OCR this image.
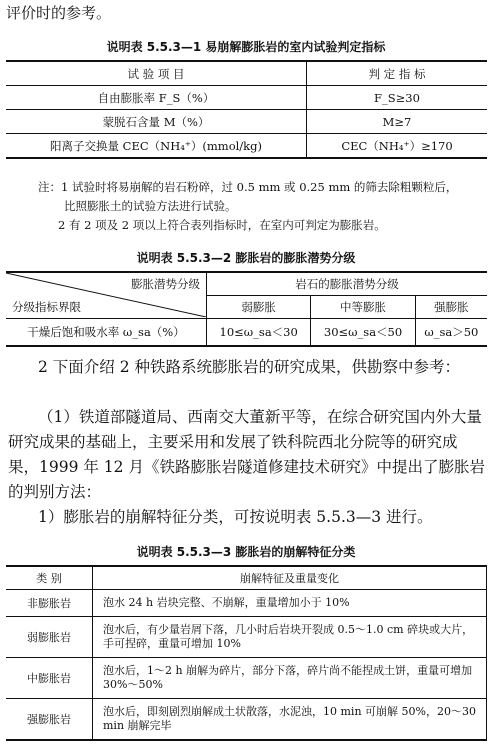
评价时的参考。
说明表 5.5.3—1 易崩解膨胀岩的室内试验判定指标
试 验 项 目	判 定 指 标
自由膨胀率 F_S（%）	F_S≥30
蒙脱石含量 M（%）	M≥7
阳离子交换量 CEC（NH₄⁺）(mmol/kg)	CEC（NH₄⁺）≥170
注：1 试验时将易崩解的岩石粉碎，过 0.5 mm 或 0.25 mm 的筛去除粗颗粒后，
比照膨胀土的试验方法进行试验。
2 有 2 项及 2 项以上符合表列指标时，在室内可判定为膨胀岩。
说明表 5.5.3—2 膨胀岩的膨胀潜势分级
膨胀潜势分级
分级指标界限	岩石的膨胀潜势分级		
	弱膨胀	中等膨胀	强膨胀
干燥后饱和吸水率 ω_sa（%）	10≤ω_sa＜30	30≤ω_sa＜50	ω_sa＞50
2 下面介绍 2 种铁路系统膨胀岩的研究成果，供勘察中参考：
（1）铁道部隧道局、西南交大董新平等，在综合研究国内外大量研究成果的基础上，主要采用和发展了铁科院西北分院等的研究成果，1999 年 12 月《铁路膨胀岩隧道修建技术研究》中提出了膨胀岩的判别方法：
1）膨胀岩的崩解特征分类，可按说明表 5.5.3—3 进行。
说明表 5.5.3—3 膨胀岩的崩解特征分类
类 别	崩解特征及重量变化
非膨胀岩	泡水 24 h 岩块完整、不崩解，重量增加小于 10%
弱膨胀岩	泡水后，有少量岩屑下落，几小时后岩块开裂成 0.5～1.0 cm 碎块或大片，手可捏碎，重量可增加 10%
中膨胀岩	泡水后，1～2 h 崩解为碎片，部分下落，碎片尚不能捏成土饼，重量可增加 30%～50%
强膨胀岩	泡水后，即刻剧烈崩解成土状散落，水泥浊，10 min 可崩解 50%，20～30 min 崩解完毕
